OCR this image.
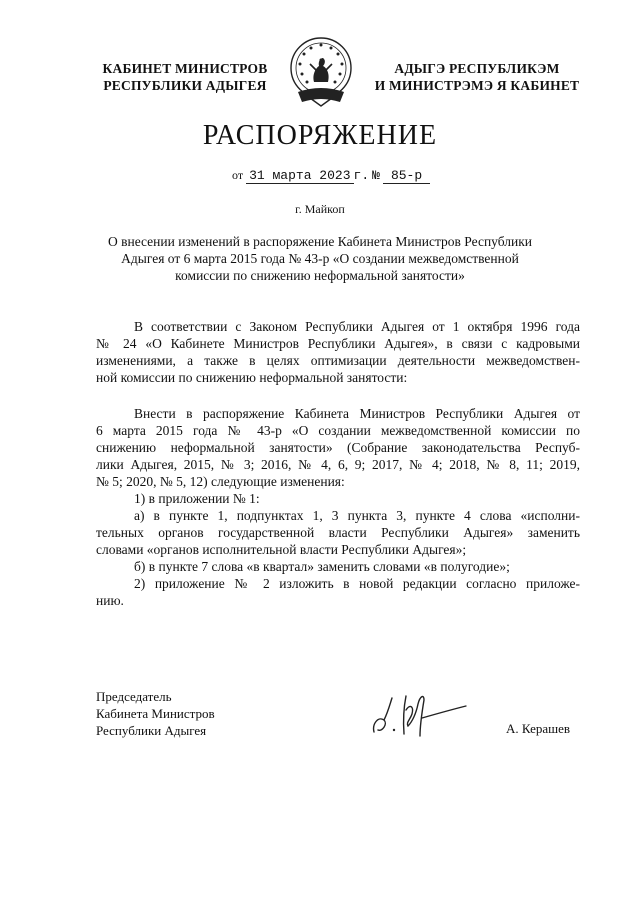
КАБИНЕТ МИНИСТРОВ
РЕСПУБЛИКИ АДЫГЕЯ
АДЫГЭ РЕСПУБЛИКЭМ
И МИНИСТРЭМЭ Я КАБИНЕТ
РАСПОРЯЖЕНИЕ
от 31 марта 2023 г. № 85-р
г. Майкоп
О внесении изменений в распоряжение Кабинета Министров Республики
Адыгея от 6 марта 2015 года № 43-р «О создании межведомственной
комиссии по снижению неформальной занятости»
В соответствии с Законом Республики Адыгея от 1 октября 1996 года
№ 24 «О Кабинете Министров Республики Адыгея», в связи с кадровыми
изменениями, а также в целях оптимизации деятельности межведомствен-
ной комиссии по снижению неформальной занятости:
Внести в распоряжение Кабинета Министров Республики Адыгея от
6 марта 2015 года № 43-р «О создании межведомственной комиссии по
снижению неформальной занятости» (Собрание законодательства Респуб-
лики Адыгея, 2015, № 3; 2016, № 4, 6, 9; 2017, № 4; 2018, № 8, 11; 2019,
№ 5; 2020, № 5, 12) следующие изменения:
1) в приложении № 1:
а) в пункте 1, подпунктах 1, 3 пункта 3, пункте 4 слова «исполни-
тельных органов государственной власти Республики Адыгея» заменить
словами «органов исполнительной власти Республики Адыгея»;
б) в пункте 7 слова «в квартал» заменить словами «в полугодие»;
2) приложение № 2 изложить в новой редакции согласно приложе-
нию.
Председатель
Кабинета Министров
Республики Адыгея	А. Керашев
